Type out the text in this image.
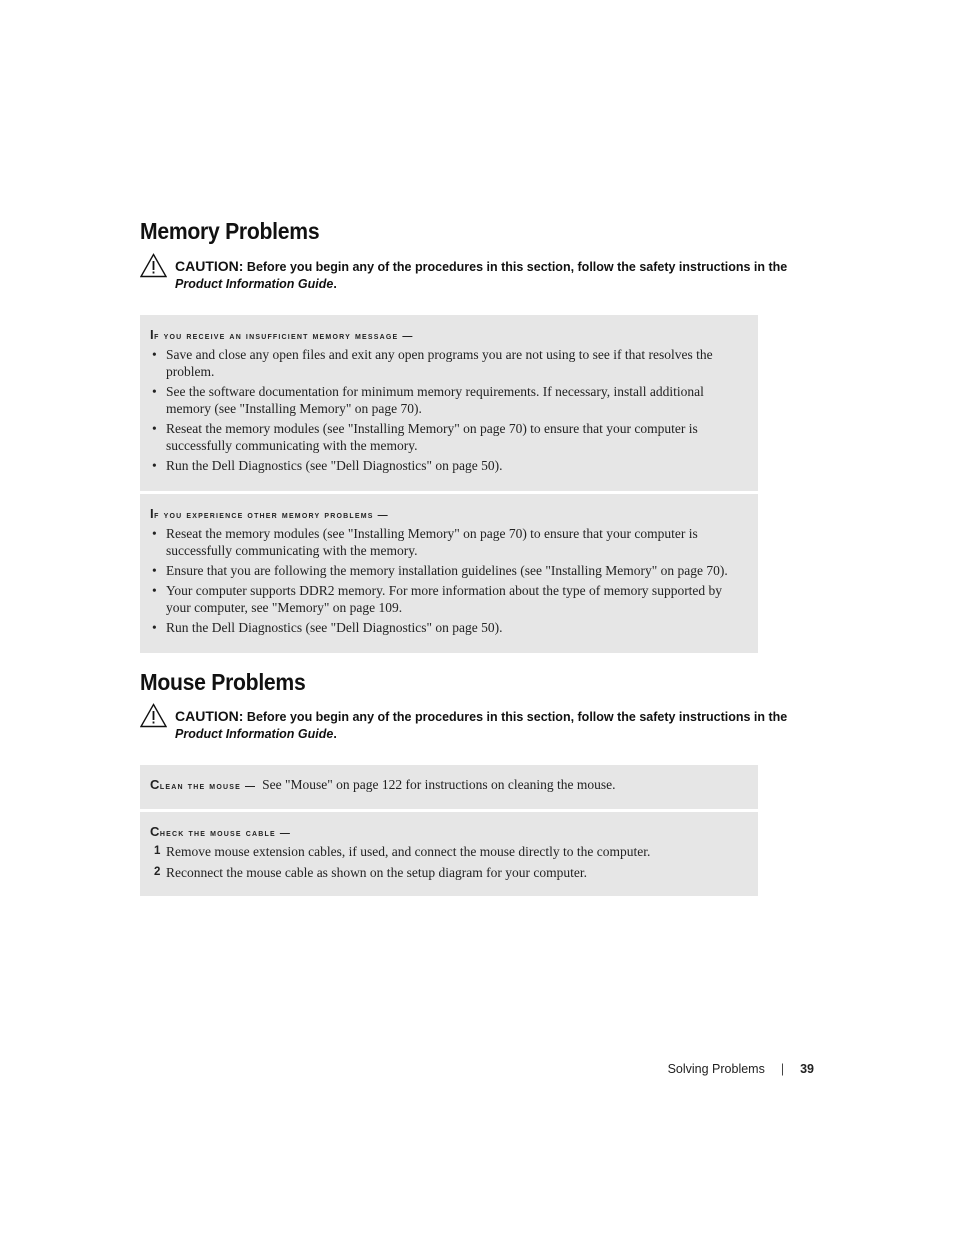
Memory Problems
CAUTION: Before you begin any of the procedures in this section, follow the safety instructions in the Product Information Guide.
If you receive an insufficient memory message —
• Save and close any open files and exit any open programs you are not using to see if that resolves the problem.
• See the software documentation for minimum memory requirements. If necessary, install additional memory (see "Installing Memory" on page 70).
• Reseat the memory modules (see "Installing Memory" on page 70) to ensure that your computer is successfully communicating with the memory.
• Run the Dell Diagnostics (see "Dell Diagnostics" on page 50).
If you experience other memory problems —
• Reseat the memory modules (see "Installing Memory" on page 70) to ensure that your computer is successfully communicating with the memory.
• Ensure that you are following the memory installation guidelines (see "Installing Memory" on page 70).
• Your computer supports DDR2 memory. For more information about the type of memory supported by your computer, see "Memory" on page 109.
• Run the Dell Diagnostics (see "Dell Diagnostics" on page 50).
Mouse Problems
CAUTION: Before you begin any of the procedures in this section, follow the safety instructions in the Product Information Guide.
Clean the mouse — See "Mouse" on page 122 for instructions on cleaning the mouse.
Check the mouse cable —
1 Remove mouse extension cables, if used, and connect the mouse directly to the computer.
2 Reconnect the mouse cable as shown on the setup diagram for your computer.
Solving Problems | 39
